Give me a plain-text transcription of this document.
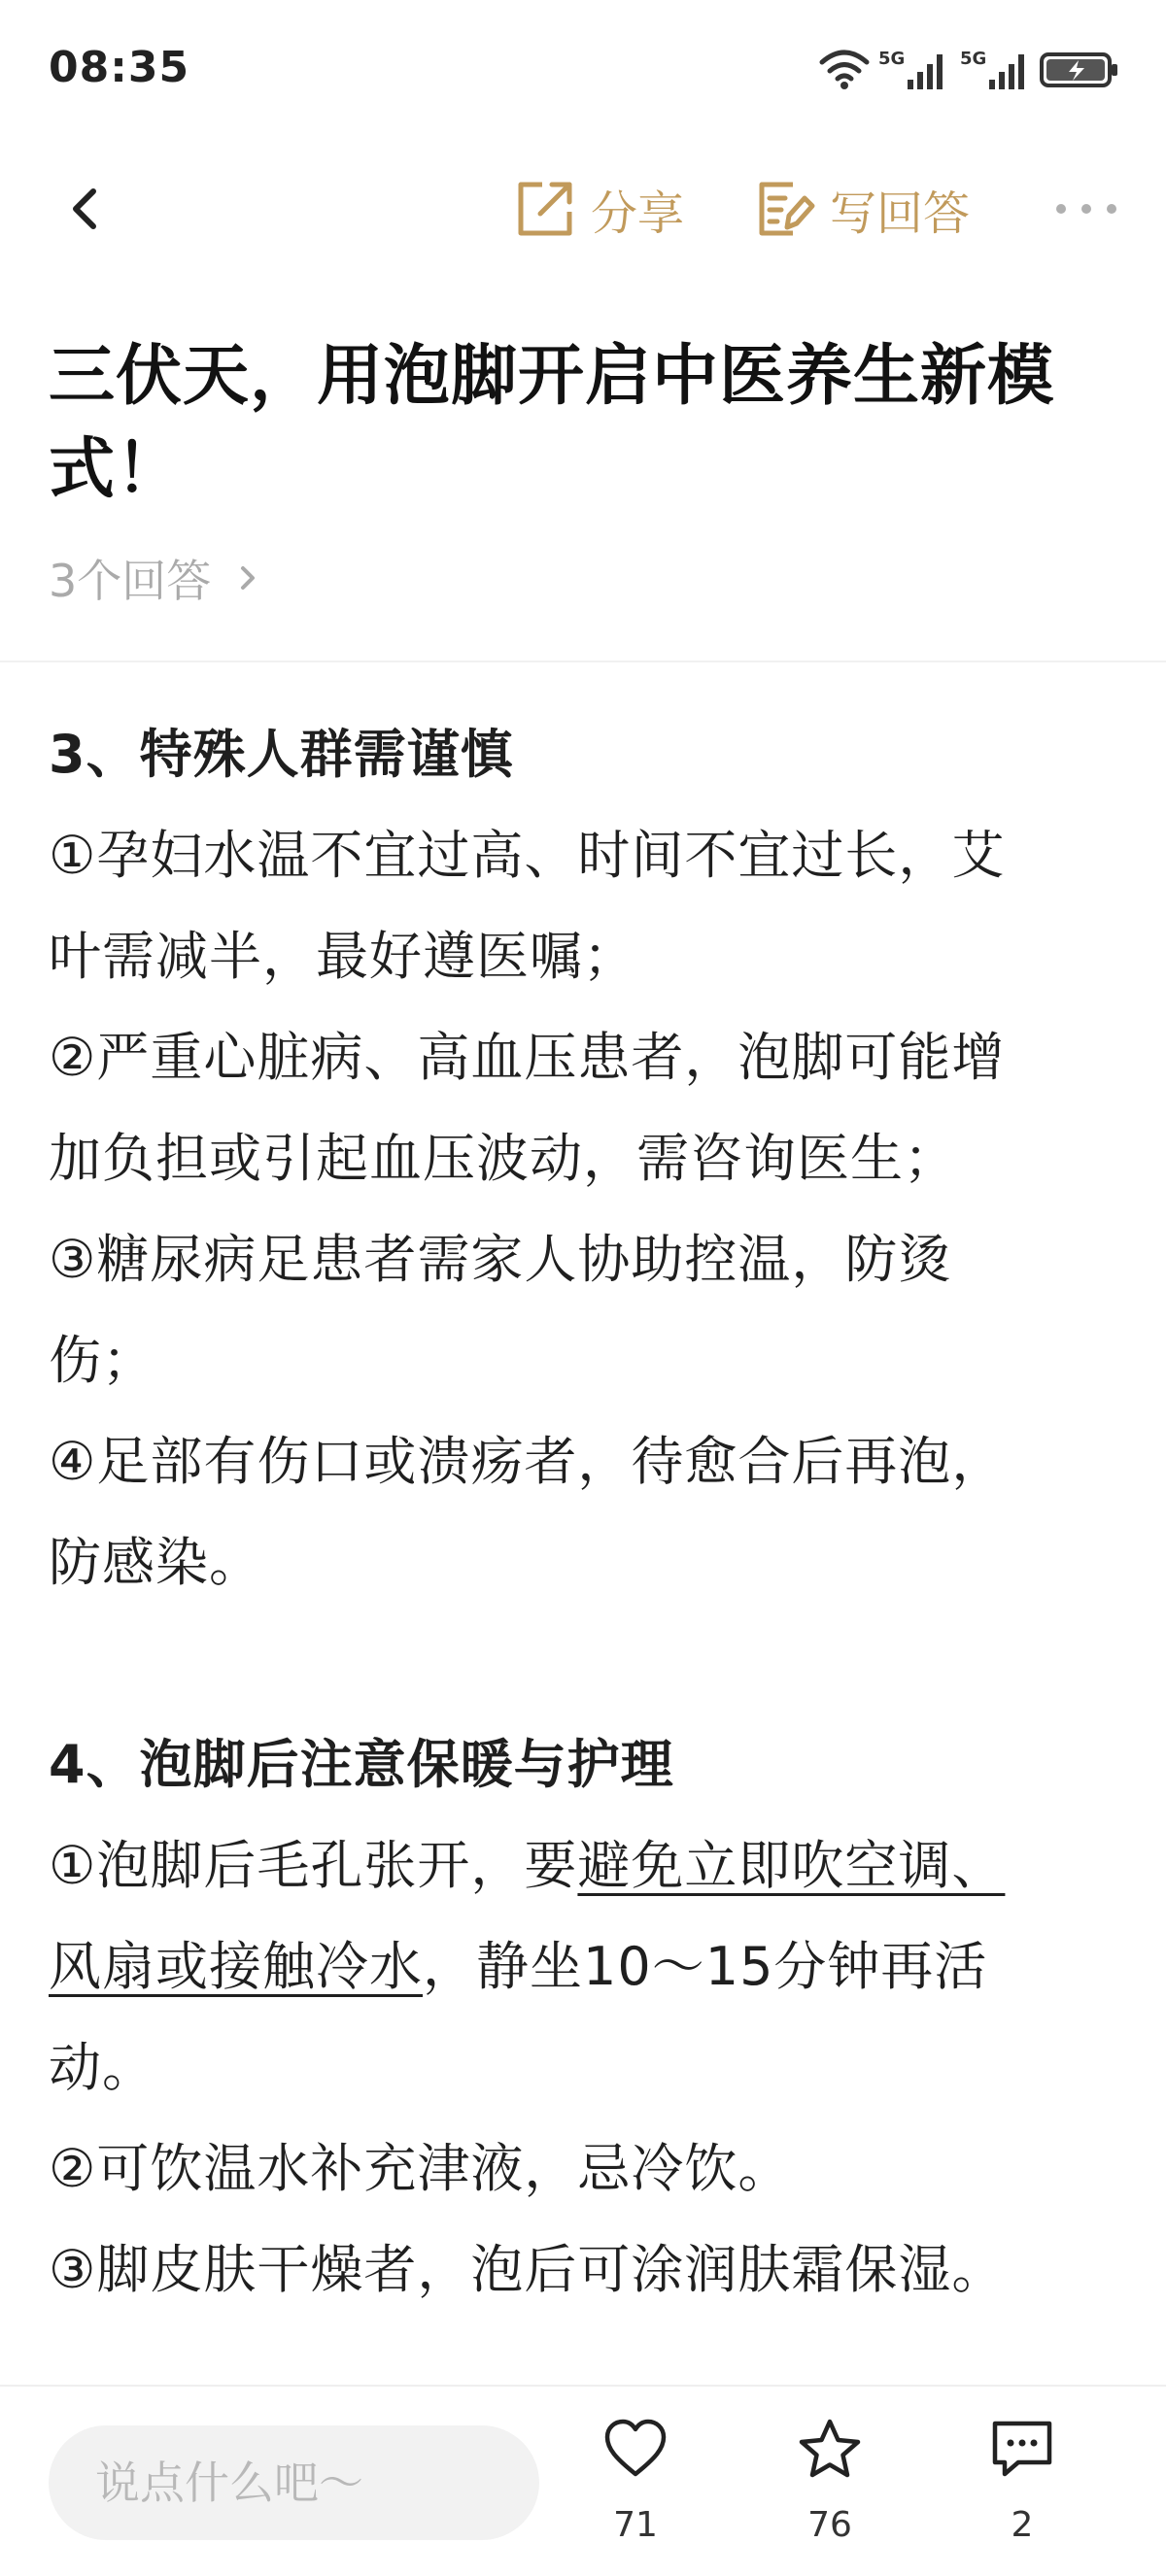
08:35	5G	5G
分享	写回答
三伏天，用泡脚开启中医养生新模
式！
3个回答

3、特殊人群需谨慎

①孕妇水温不宜过高、时间不宜过长，艾

叶需减半，最好遵医嘱；

②严重心脏病、高血压患者，泡脚可能增

加负担或引起血压波动，需咨询医生；

③糖尿病足患者需家人协助控温，防烫

伤；

④足部有伤口或溃疡者，待愈合后再泡，

防感染。

4、泡脚后注意保暖与护理

①泡脚后毛孔张开，要避免立即吹空调、

风扇或接触冷水，静坐10～15分钟再活

动。

②可饮温水补充津液，忌冷饮。

③脚皮肤干燥者，泡后可涂润肤霜保湿。

说点什么吧～
71	76	2
